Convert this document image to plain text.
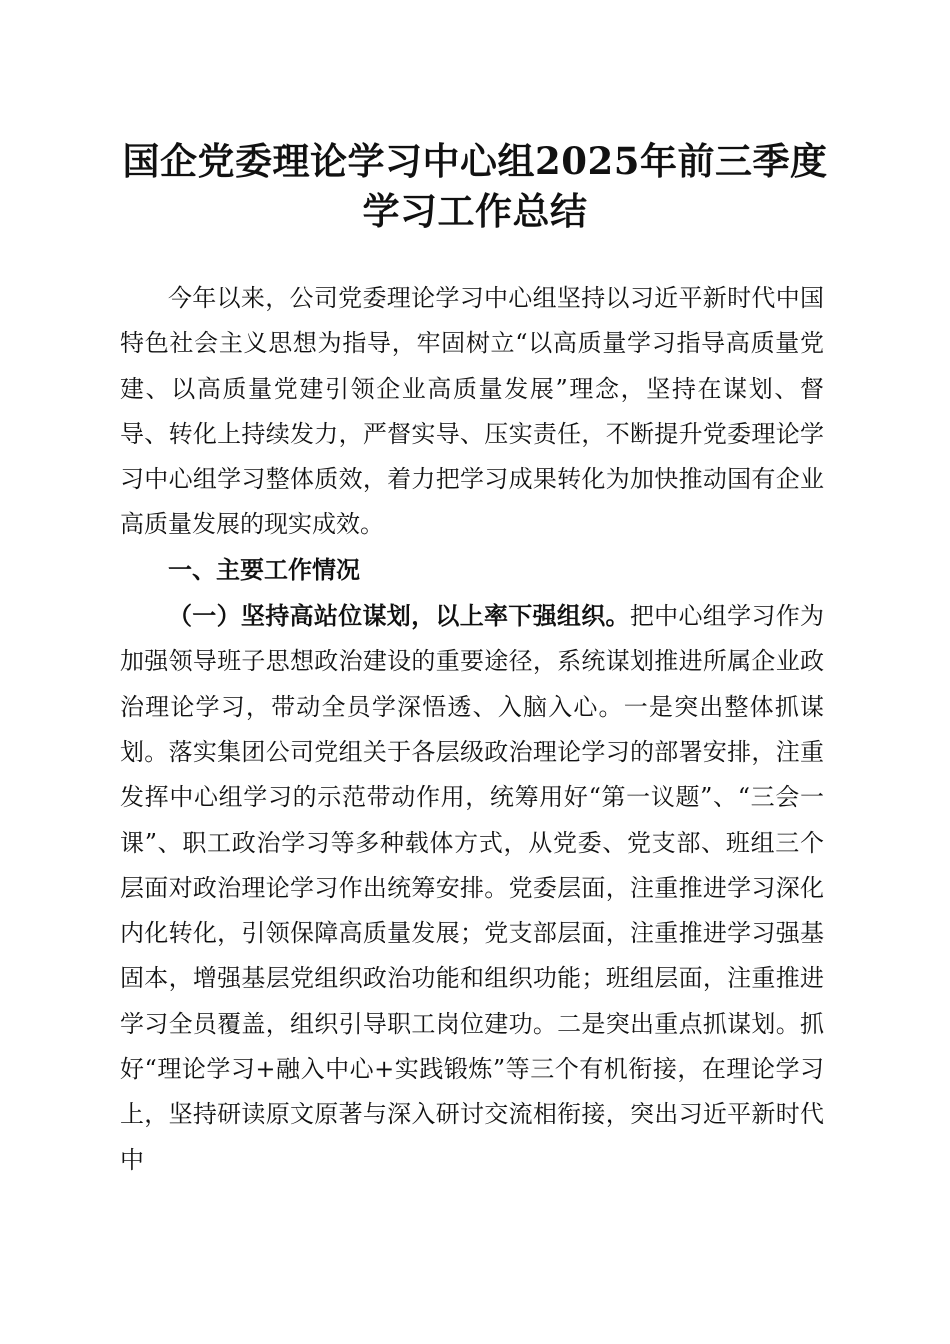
国企党委理论学习中心组2025年前三季度学习工作总结

今年以来，公司党委理论学习中心组坚持以习近平新时代中国特色社会主义思想为指导，牢固树立“以高质量学习指导高质量党建、以高质量党建引领企业高质量发展”理念，坚持在谋划、督导、转化上持续发力，严督实导、压实责任，不断提升党委理论学习中心组学习整体质效，着力把学习成果转化为加快推动国有企业高质量发展的现实成效。

一、主要工作情况

（一）坚持高站位谋划，以上率下强组织。把中心组学习作为加强领导班子思想政治建设的重要途径，系统谋划推进所属企业政治理论学习，带动全员学深悟透、入脑入心。一是突出整体抓谋划。落实集团公司党组关于各层级政治理论学习的部署安排，注重发挥中心组学习的示范带动作用，统筹用好“第一议题”、“三会一课”、职工政治学习等多种载体方式，从党委、党支部、班组三个层面对政治理论学习作出统筹安排。党委层面，注重推进学习深化内化转化，引领保障高质量发展；党支部层面，注重推进学习强基固本，增强基层党组织政治功能和组织功能；班组层面，注重推进学习全员覆盖，组织引导职工岗位建功。二是突出重点抓谋划。抓好“理论学习+融入中心+实践锻炼”等三个有机衔接，在理论学习上，坚持研读原文原著与深入研讨交流相衔接，突出习近平新时代中
